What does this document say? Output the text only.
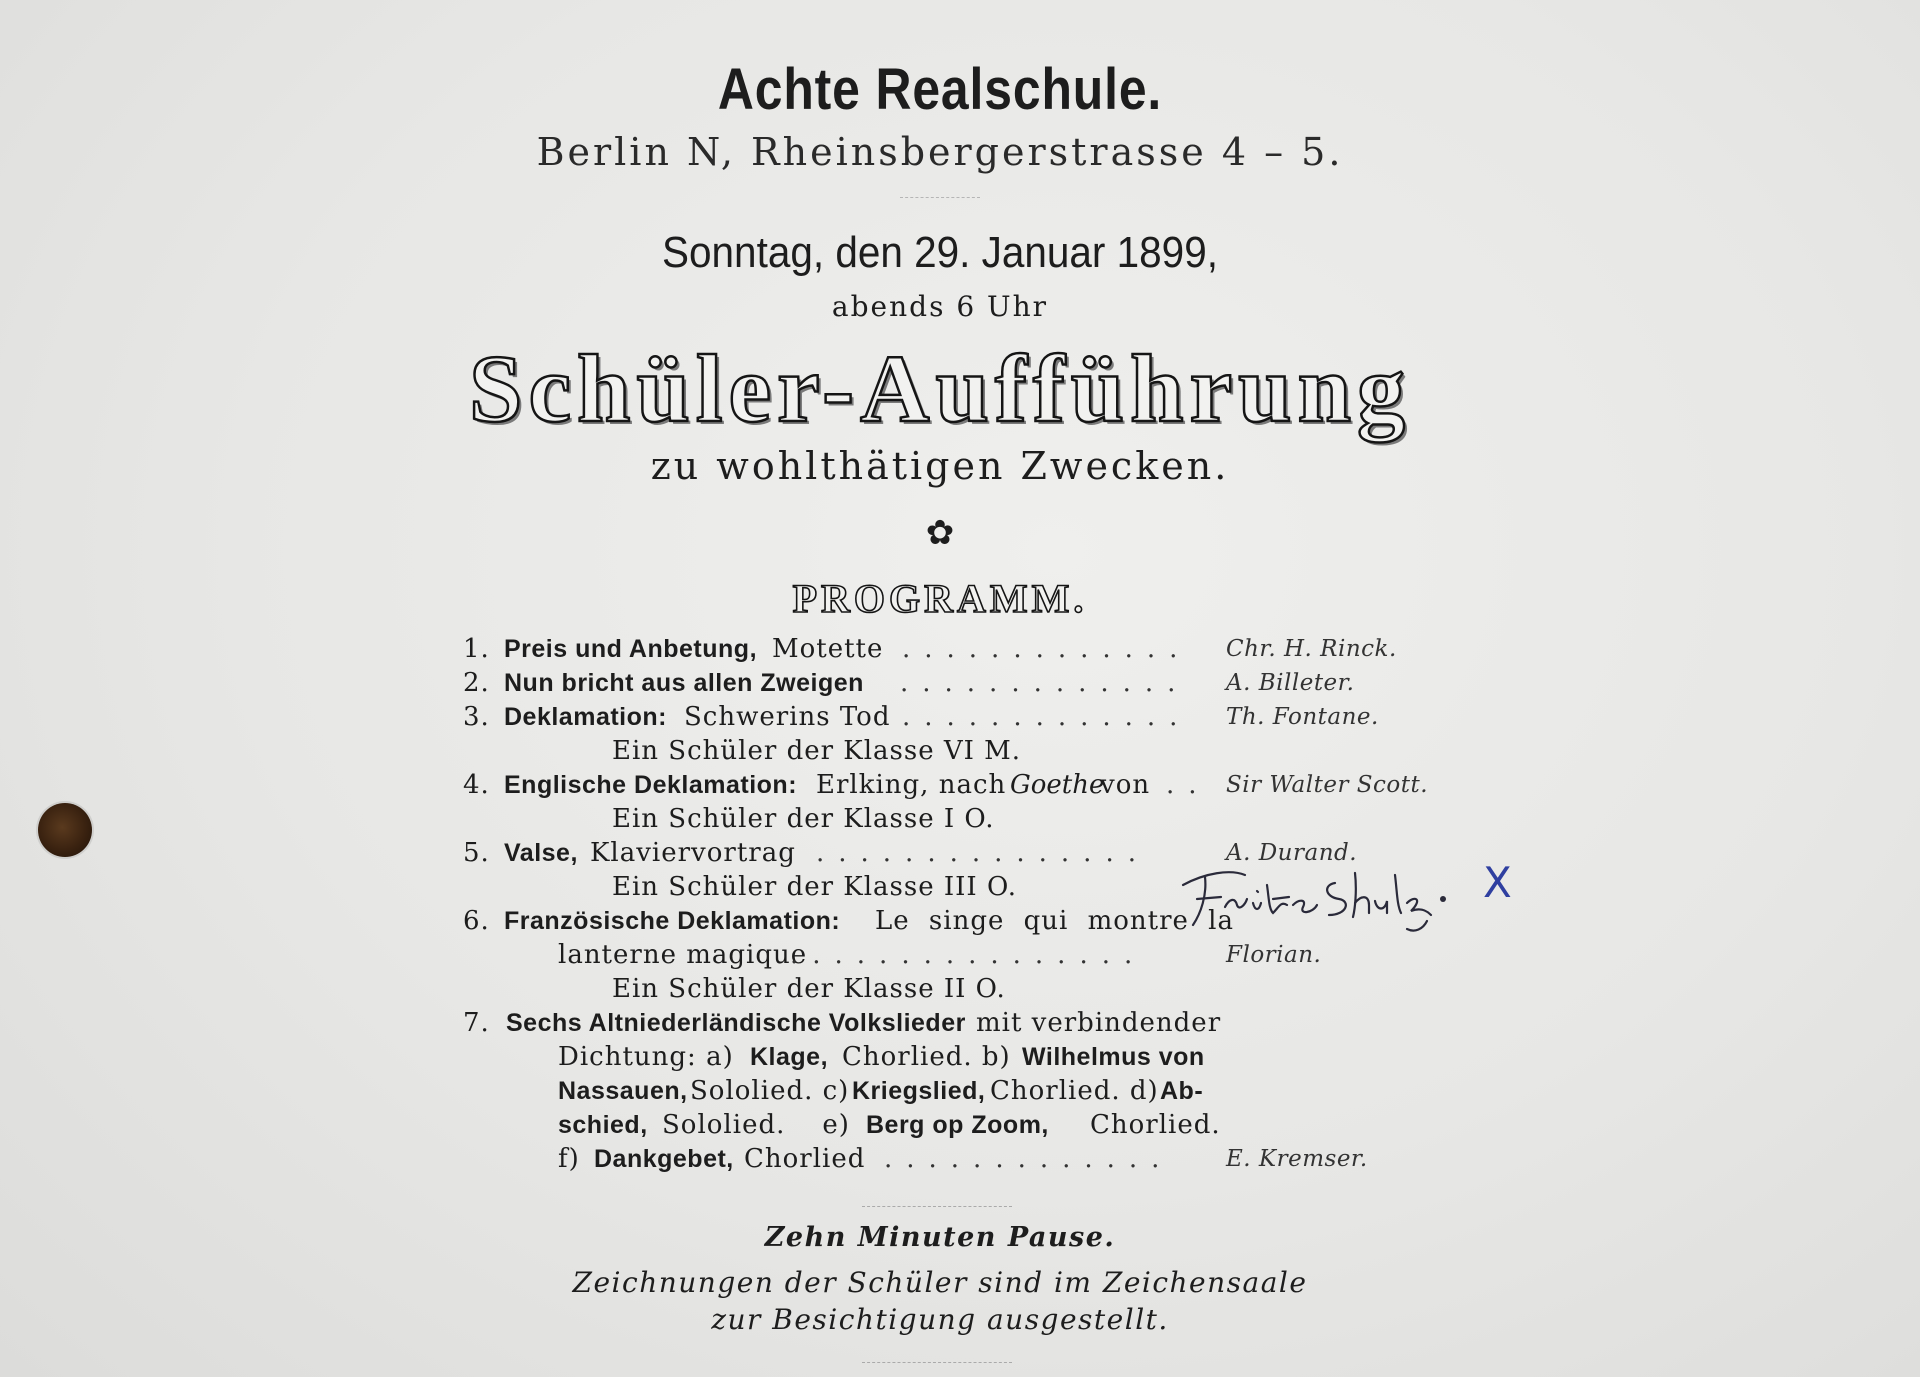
Achte Realschule.
Berlin N, Rheinsbergerstrasse 4 – 5.
Sonntag, den 29. Januar 1899,
abends 6 Uhr
Schüler-Aufführung
zu wohlthätigen Zwecken.
✿
PROGRAMM.
1. Preis und Anbetung, Motette ............. Chr. H. Rinck.
2. Nun bricht aus allen Zweigen ............. A. Billeter.
3. Deklamation: Schwerins Tod ............. Th. Fontane.
Ein Schüler der Klasse VI M.
4. Englische Deklamation: Erlking, nach Goethe
von .. Sir Walter Scott.
Ein Schüler der Klasse I O.
5. Valse, Klaviervortrag ...............	A. Durand.
Ein Schüler der Klasse III O.
6. Französische Deklamation: Le singe qui montre la
lanterne magique
................	Florian.
Ein Schüler der Klasse II O.
7. Sechs Altniederländische Volkslieder mit verbindender
Dichtung: a) Klage, Chorlied. b) Wilhelmus von
Nassauen, Sololied. c) Kriegslied, Chorlied. d) Ab-
schied, Sololied.    e) Berg op Zoom, Chorlied.
f) Dankgebet, Chorlied ............. E. Kremser.
X
Zehn Minuten Pause.
Zeichnungen der Schüler sind im Zeichensaale
zur Besichtigung ausgestellt.
